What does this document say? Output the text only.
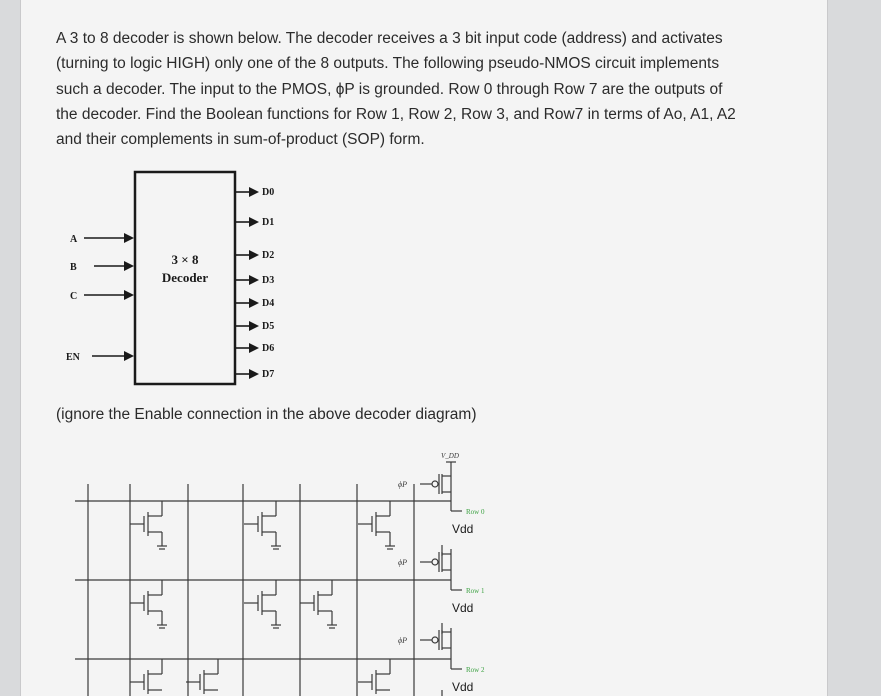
A 3 to 8 decoder is shown below. The decoder receives a 3 bit input code (address) and activates
(turning to logic HIGH) only one of the 8 outputs. The following pseudo-NMOS circuit implements
such a decoder. The input to the PMOS, ϕP is grounded. Row 0 through Row 7 are the outputs of
the decoder. Find the Boolean functions for Row 1, Row 2, Row 3, and Row7 in terms of Ao, A1, A2
and their complements in sum-of-product (SOP) form.

(ignore the Enable connection in the above decoder diagram)
A
B
C
EN
3 × 8
Decoder
D0
D1
D2
D3
D4
D5
D6
D7
V_DD
ϕP
ϕP
ϕP
Row 0
Row 1
Row 2
Vdd
Vdd
Vdd
